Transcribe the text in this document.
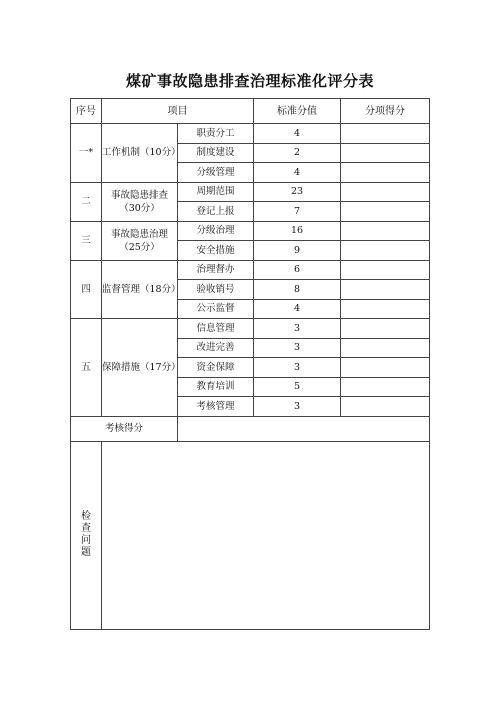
煤矿事故隐患排查治理标准化评分表
序号	项目		标准分值	分项得分
一*	工作机制（10分）	职责分工	4	
		制度建设	2	
		分级管理	4	
二	事故隐患排查（30分）	周期范围	23	
		登记上报	7	
三	事故隐患治理（25分）	分级治理	16	
		安全措施	9	
四	监督管理（18分）	治理督办	6	
		验收销号	8	
		公示监督	4	
五	保障措施（17分）	信息管理	3	
		改进完善	3	
		资金保障	3	
		教育培训	5	
		考核管理	3	
考核得分				
检查问题				
